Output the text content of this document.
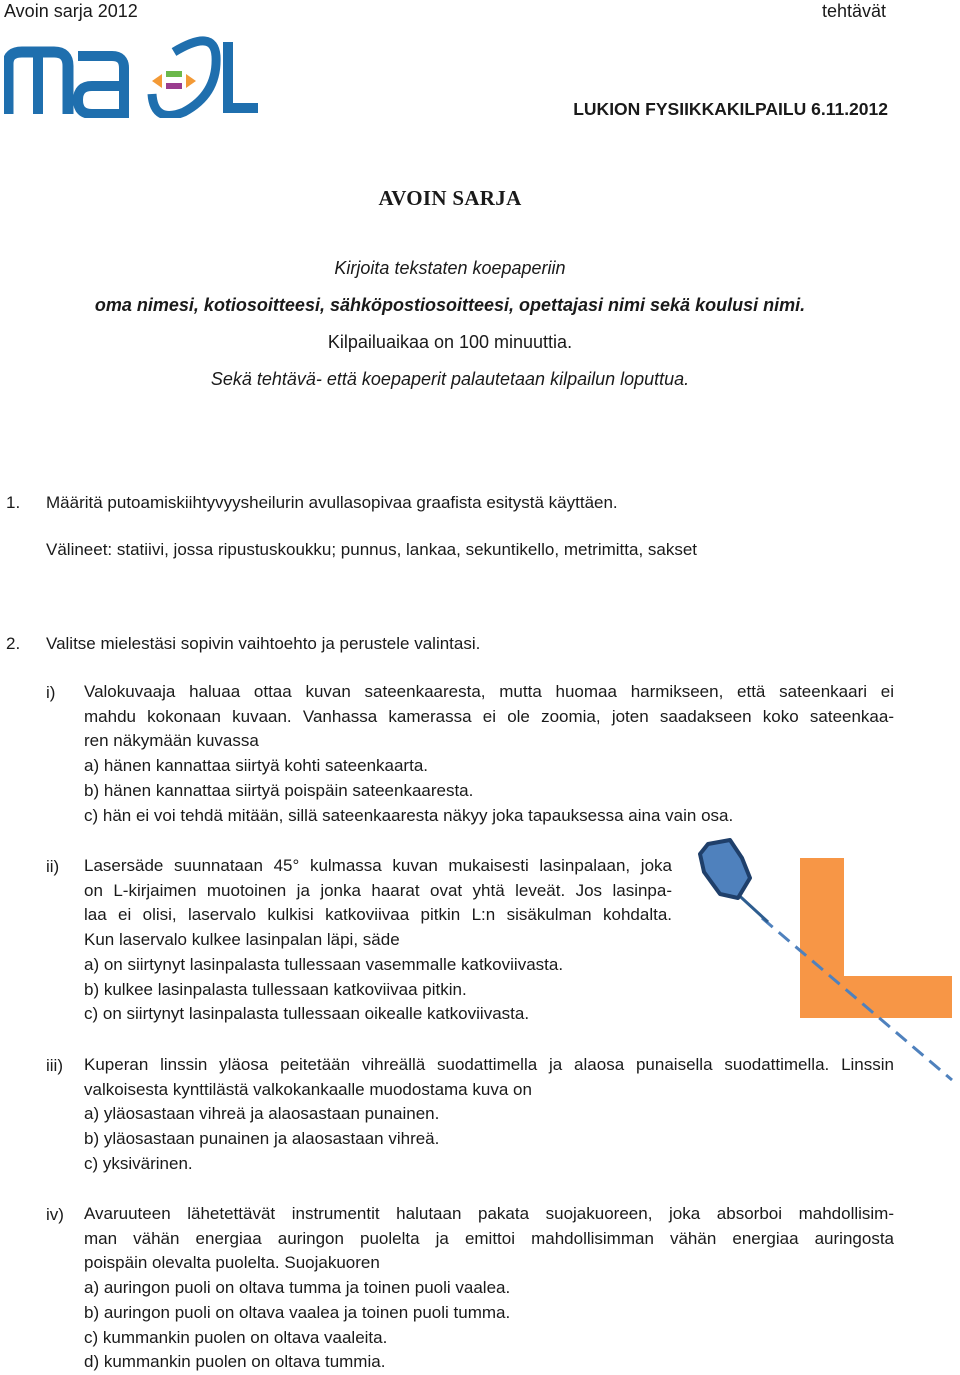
Avoin sarja 2012	tehtävät
LUKION FYSIIKKAKILPAILU 6.11.2012
AVOIN SARJA
Kirjoita tekstaten koepaperiin
oma nimesi, kotiosoitteesi, sähköpostiosoitteesi, opettajasi nimi sekä koulusi nimi.
Kilpailuaikaa on 100 minuuttia.
Sekä tehtävä- että koepaperit palautetaan kilpailun loputtua.
1. Määritä putoamiskiihtyvyysheilurin avullasopivaa graafista esitystä käyttäen.
Välineet: statiivi, jossa ripustuskoukku; punnus, lankaa, sekuntikello, metrimitta, sakset
2. Valitse mielestäsi sopivin vaihtoehto ja perustele valintasi.
i) Valokuvaaja haluaa ottaa kuvan sateenkaaresta, mutta huomaa harmikseen, että sateenkaari ei
mahdu kokonaan kuvaan. Vanhassa kamerassa ei ole zoomia, joten saadakseen koko sateenkaa-
ren näkymään kuvassa
a) hänen kannattaa siirtyä kohti sateenkaarta.
b) hänen kannattaa siirtyä poispäin sateenkaaresta.
c) hän ei voi tehdä mitään, sillä sateenkaaresta näkyy joka tapauksessa aina vain osa.
ii) Lasersäde suunnataan 45° kulmassa kuvan mukaisesti lasinpalaan, joka
on L-kirjaimen muotoinen ja jonka haarat ovat yhtä leveät. Jos lasinpa-
laa ei olisi, laservalo kulkisi katkoviivaa pitkin L:n sisäkulman kohdalta.
Kun laservalo kulkee lasinpalan läpi, säde
a) on siirtynyt lasinpalasta tullessaan vasemmalle katkoviivasta.
b) kulkee lasinpalasta tullessaan katkoviivaa pitkin.
c) on siirtynyt lasinpalasta tullessaan oikealle katkoviivasta.
iii) Kuperan linssin yläosa peitetään vihreällä suodattimella ja alaosa punaisella suodattimella. Linssin
valkoisesta kynttilästä valkokankaalle muodostama kuva on
a) yläosastaan vihreä ja alaosastaan punainen.
b) yläosastaan punainen ja alaosastaan vihreä.
c) yksivärinen.
iv) Avaruuteen lähetettävät instrumentit halutaan pakata suojakuoreen, joka absorboi mahdollisim-
man vähän energiaa auringon puolelta ja emittoi mahdollisimman vähän energiaa auringosta
poispäin olevalta puolelta. Suojakuoren
a) auringon puoli on oltava tumma ja toinen puoli vaalea.
b) auringon puoli on oltava vaalea ja toinen puoli tumma.
c) kummankin puolen on oltava vaaleita.
d) kummankin puolen on oltava tummia.
